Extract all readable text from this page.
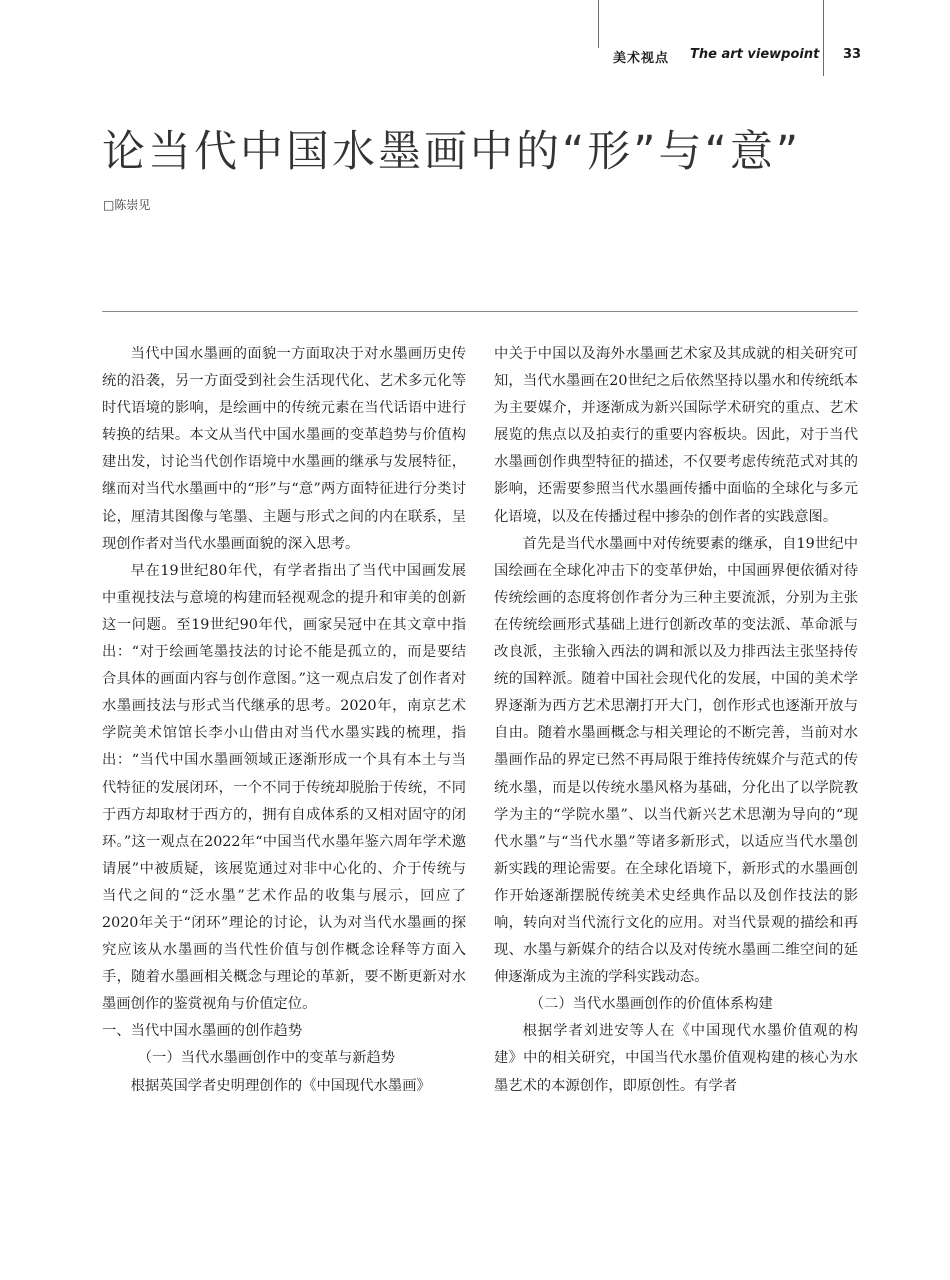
美术视点 The art viewpoint 33
论当代中国水墨画中的“形”与“意”
□陈崇见

当代中国水墨画的面貌一方面取决于对水墨画历史传统的沿袭，另一方面受到社会生活现代化、艺术多元化等时代语境的影响，是绘画中的传统元素在当代话语中进行转换的结果。本文从当代中国水墨画的变革趋势与价值构建出发，讨论当代创作语境中水墨画的继承与发展特征，继而对当代水墨画中的“形”与“意”两方面特征进行分类讨论，厘清其图像与笔墨、主题与形式之间的内在联系，呈现创作者对当代水墨画面貌的深入思考。

早在19世纪80年代，有学者指出了当代中国画发展中重视技法与意境的构建而轻视观念的提升和审美的创新这一问题。至19世纪90年代，画家吴冠中在其文章中指出：“对于绘画笔墨技法的讨论不能是孤立的，而是要结合具体的画面内容与创作意图。”这一观点启发了创作者对水墨画技法与形式当代继承的思考。2020年，南京艺术学院美术馆馆长李小山借由对当代水墨实践的梳理，指出：“当代中国水墨画领域正逐渐形成一个具有本土与当代特征的发展闭环，一个不同于传统却脱胎于传统，不同于西方却取材于西方的，拥有自成体系的又相对固守的闭环。”这一观点在2022年“中国当代水墨年鉴六周年学术邀请展”中被质疑，该展览通过对非中心化的、介于传统与当代之间的“泛水墨”艺术作品的收集与展示，回应了2020年关于“闭环”理论的讨论，认为对当代水墨画的探究应该从水墨画的当代性价值与创作概念诠释等方面入手，随着水墨画相关概念与理论的革新，要不断更新对水墨画创作的鉴赏视角与价值定位。

一、当代中国水墨画的创作趋势

（一）当代水墨画创作中的变革与新趋势

根据英国学者史明理创作的《中国现代水墨画》

中关于中国以及海外水墨画艺术家及其成就的相关研究可知，当代水墨画在20世纪之后依然坚持以墨水和传统纸本为主要媒介，并逐渐成为新兴国际学术研究的重点、艺术展览的焦点以及拍卖行的重要内容板块。因此，对于当代水墨画创作典型特征的描述，不仅要考虑传统范式对其的影响，还需要参照当代水墨画传播中面临的全球化与多元化语境，以及在传播过程中掺杂的创作者的实践意图。

首先是当代水墨画中对传统要素的继承，自19世纪中国绘画在全球化冲击下的变革伊始，中国画界便依循对待传统绘画的态度将创作者分为三种主要流派，分别为主张在传统绘画形式基础上进行创新改革的变法派、革命派与改良派，主张输入西法的调和派以及力排西法主张坚持传统的国粹派。随着中国社会现代化的发展，中国的美术学界逐渐为西方艺术思潮打开大门，创作形式也逐渐开放与自由。随着水墨画概念与相关理论的不断完善，当前对水墨画作品的界定已然不再局限于维持传统媒介与范式的传统水墨，而是以传统水墨风格为基础，分化出了以学院教学为主的“学院水墨”、以当代新兴艺术思潮为导向的“现代水墨”与“当代水墨”等诸多新形式，以适应当代水墨创新实践的理论需要。在全球化语境下，新形式的水墨画创作开始逐渐摆脱传统美术史经典作品以及创作技法的影响，转向对当代流行文化的应用。对当代景观的描绘和再现、水墨与新媒介的结合以及对传统水墨画二维空间的延伸逐渐成为主流的学科实践动态。

（二）当代水墨画创作的价值体系构建

根据学者刘进安等人在《中国现代水墨价值观的构建》中的相关研究，中国当代水墨价值观构建的核心为水墨艺术的本源创作，即原创性。有学者
